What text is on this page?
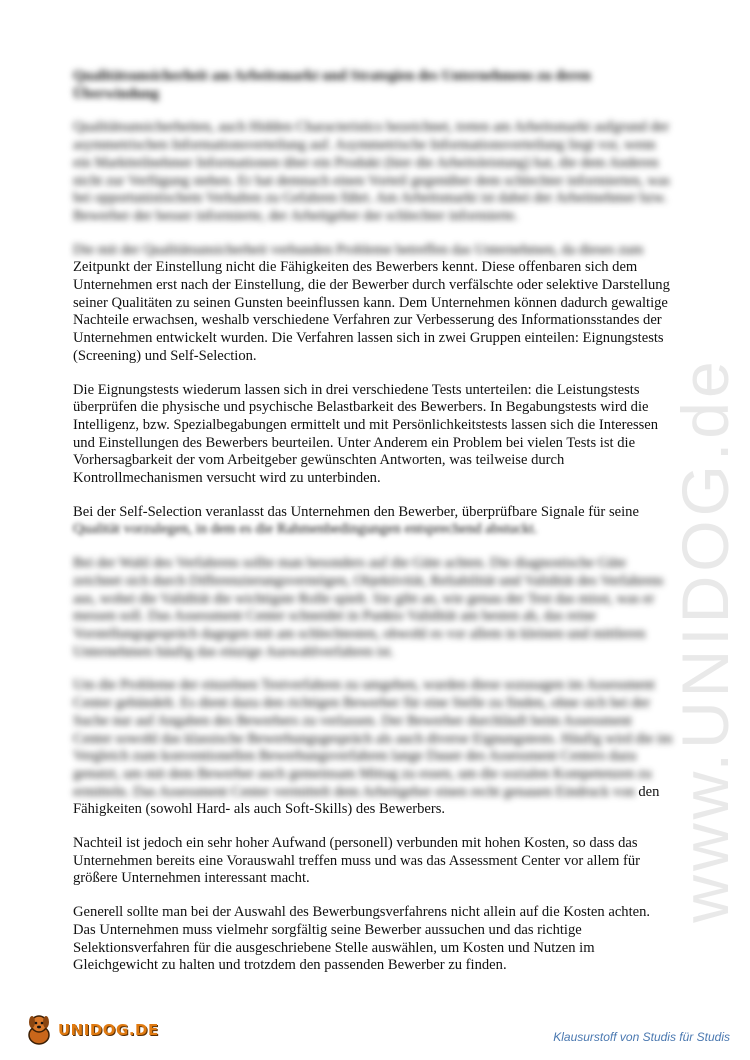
www.UNIDOG.de

Qualitätsunsicherheit am Arbeitsmarkt und Strategien des Unternehmens zu deren Überwindung

Qualitätsunsicherheiten, auch Hidden Characteristics bezeichnet, treten am Arbeitsmarkt aufgrund der asymmetrischen Informationsverteilung auf. Asymmetrische Informationsverteilung liegt vor, wenn ein Marktteilnehmer Informationen über ein Produkt (hier die Arbeitsleistung) hat, die dem Anderen nicht zur Verfügung stehen. Er hat demnach einen Vorteil gegenüber dem schlechter informierten, was bei opportunistischem Verhalten zu Gefahren führt. Am Arbeitsmarkt ist dabei der Arbeitnehmer bzw. Bewerber der besser informierte, der Arbeitgeber der schlechter informierte.

Die mit der Qualitätsunsicherheit verbunden Probleme betreffen das Unternehmen, da dieses zum
Zeitpunkt der Einstellung nicht die Fähigkeiten des Bewerbers kennt. Diese offenbaren sich dem Unternehmen erst nach der Einstellung, die der Bewerber durch verfälschte oder selektive Darstellung seiner Qualitäten zu seinen Gunsten beeinflussen kann. Dem Unternehmen können dadurch gewaltige Nachteile erwachsen, weshalb verschiedene Verfahren zur Verbesserung des Informationsstandes der Unternehmen entwickelt wurden. Die Verfahren lassen sich in zwei Gruppen einteilen: Eignungstests (Screening) und Self-Selection.

Die Eignungstests wiederum lassen sich in drei verschiedene Tests unterteilen: die Leistungstests überprüfen die physische und psychische Belastbarkeit des Bewerbers. In Begabungstests wird die Intelligenz, bzw. Spezialbegabungen ermittelt und mit Persönlichkeitstests lassen sich die Interessen und Einstellungen des Bewerbers beurteilen. Unter Anderem ein Problem bei vielen Tests ist die Vorhersagbarkeit der vom Arbeitgeber gewünschten Antworten, was teilweise durch Kontrollmechanismen versucht wird zu unterbinden.

Bei der Self-Selection veranlasst das Unternehmen den Bewerber, überprüfbare Signale für seine
Qualität vorzulegen, in dem es die Rahmenbedingungen entsprechend abstuckt.

Bei der Wahl des Verfahrens sollte man besonders auf die Güte achten. Die diagnostische Güte zeichnet sich durch Differenzierungsvermögen, Objektivität, Reliabilität und Validität des Verfahrens aus, wobei die Validität die wichtigste Rolle spielt. Sie gibt an, wie genau der Test das misst, was er messen soll. Das Assessment Center schneidet in Punkto Validität am besten ab, das reine Vorstellungsgespräch dagegen mit am schlechtesten, obwohl es vor allem in kleinen und mittleren Unternehmen häufig das einzige Auswahlverfahren ist.

Um die Probleme der einzelnen Testverfahren zu umgehen, wurden diese sozusagen im Assessment Center gebündelt. Es dient dazu den richtigen Bewerber für eine Stelle zu finden, ohne sich bei der Suche nur auf Angaben des Bewerbers zu verlassen. Der Bewerber durchläuft beim Assessment Center sowohl das klassische Bewerbungsgespräch als auch diverse Eignungstests. Häufig wird die im Vergleich zum konventionellen Bewerbungsverfahren lange Dauer des Assessment Centers dazu genutzt, um mit dem Bewerber auch gemeinsam Mittag zu essen, um die sozialen Kompetenzen zu ermitteln. Das Assessment Center vermittelt dem Arbeitgeber einen recht genauen Eindruck von den Fähigkeiten (sowohl Hard- als auch Soft-Skills) des Bewerbers.

Nachteil ist jedoch ein sehr hoher Aufwand (personell) verbunden mit hohen Kosten, so dass das Unternehmen bereits eine Vorauswahl treffen muss und was das Assessment Center vor allem für größere Unternehmen interessant macht.

Generell sollte man bei der Auswahl des Bewerbungsverfahrens nicht allein auf die Kosten achten. Das Unternehmen muss vielmehr sorgfältig seine Bewerber aussuchen und das richtige Selektionsverfahren für die ausgeschriebene Stelle auswählen, um Kosten und Nutzen im Gleichgewicht zu halten und trotzdem den passenden Bewerber zu finden.

UNIDOG.DE	Klausurstoff von Studis für Studis
